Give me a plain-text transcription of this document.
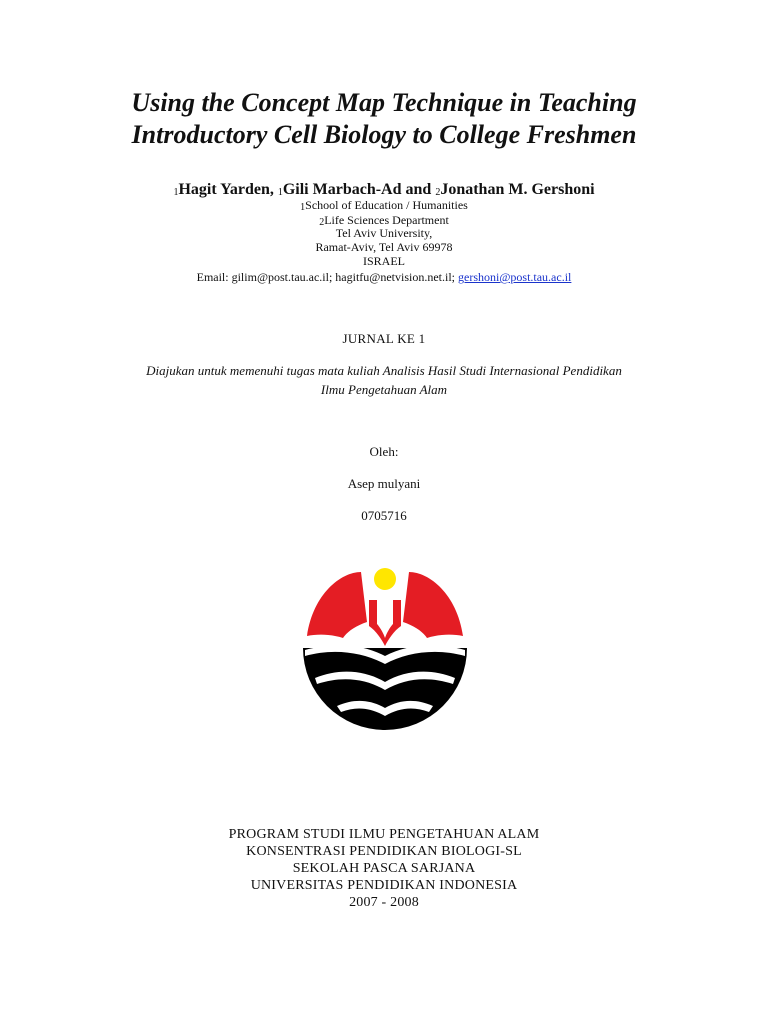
Using the Concept Map Technique in Teaching
Introductory Cell Biology to College Freshmen
$^1$Hagit Yarden, $^1$Gili Marbach-Ad and $^2$Jonathan M. Gershoni
$^1$School of Education / Humanities
$^2$Life Sciences Department
Tel Aviv University,
Ramat-Aviv, Tel Aviv 69978
ISRAEL
Email: gilim@post.tau.ac.il; hagitfu@netvision.net.il; gershoni@post.tau.ac.il
JURNAL KE 1
Diajukan untuk memenuhi tugas mata kuliah Analisis Hasil Studi Internasional Pendidikan
Ilmu Pengetahuan Alam
Oleh:
Asep mulyani
0705716
PROGRAM STUDI ILMU PENGETAHUAN ALAM
KONSENTRASI PENDIDIKAN BIOLOGI-SL
SEKOLAH PASCA SARJANA
UNIVERSITAS PENDIDIKAN INDONESIA
2007 - 2008
